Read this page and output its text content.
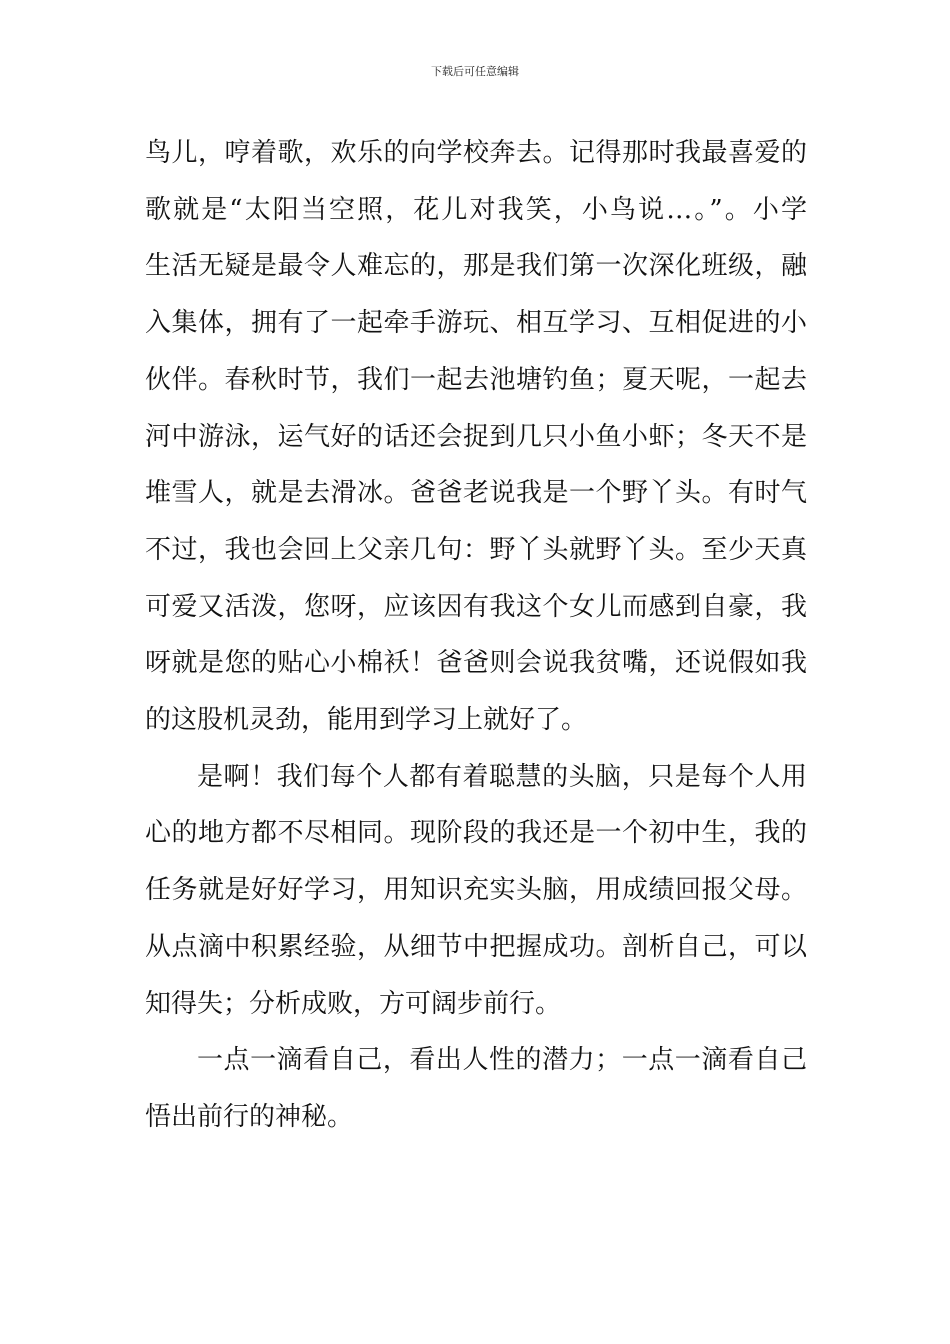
下载后可任意编辑

鸟儿，哼着歌，欢乐的向学校奔去。记得那时我最喜爱的
歌就是“太阳当空照，花儿对我笑，小鸟说…。”。小学
生活无疑是最令人难忘的，那是我们第一次深化班级，融
入集体，拥有了一起牵手游玩、相互学习、互相促进的小
伙伴。春秋时节，我们一起去池塘钓鱼；夏天呢，一起去
河中游泳，运气好的话还会捉到几只小鱼小虾；冬天不是
堆雪人，就是去滑冰。爸爸老说我是一个野丫头。有时气
不过，我也会回上父亲几句：野丫头就野丫头。至少天真
可爱又活泼，您呀，应该因有我这个女儿而感到自豪，我
呀就是您的贴心小棉袄！爸爸则会说我贫嘴，还说假如我
的这股机灵劲，能用到学习上就好了。

是啊！我们每个人都有着聪慧的头脑，只是每个人用
心的地方都不尽相同。现阶段的我还是一个初中生，我的
任务就是好好学习，用知识充实头脑，用成绩回报父母。
从点滴中积累经验，从细节中把握成功。剖析自己，可以
知得失；分析成败，方可阔步前行。

一点一滴看自己，看出人性的潜力；一点一滴看自己
悟出前行的神秘。
